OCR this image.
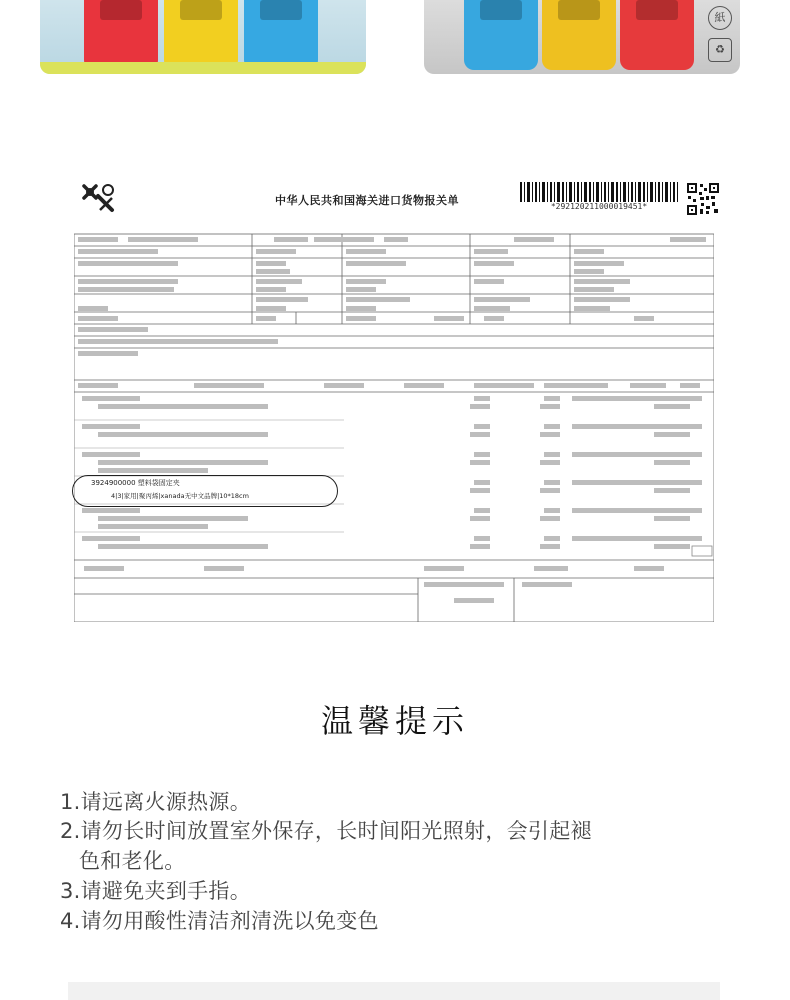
紙
♻
中华人民共和国海关进口货物报关单	*292120211000019451*
3924900000 塑料袋固定夹
4|3|家用|聚丙烯|xanada无中文品牌|10*18cm
温馨提示
1.请远离火源热源。
2.请勿长时间放置室外保存，长时间阳光照射，会引起褪
色和老化。
3.请避免夹到手指。
4.请勿用酸性清洁剂清洗以免变色
